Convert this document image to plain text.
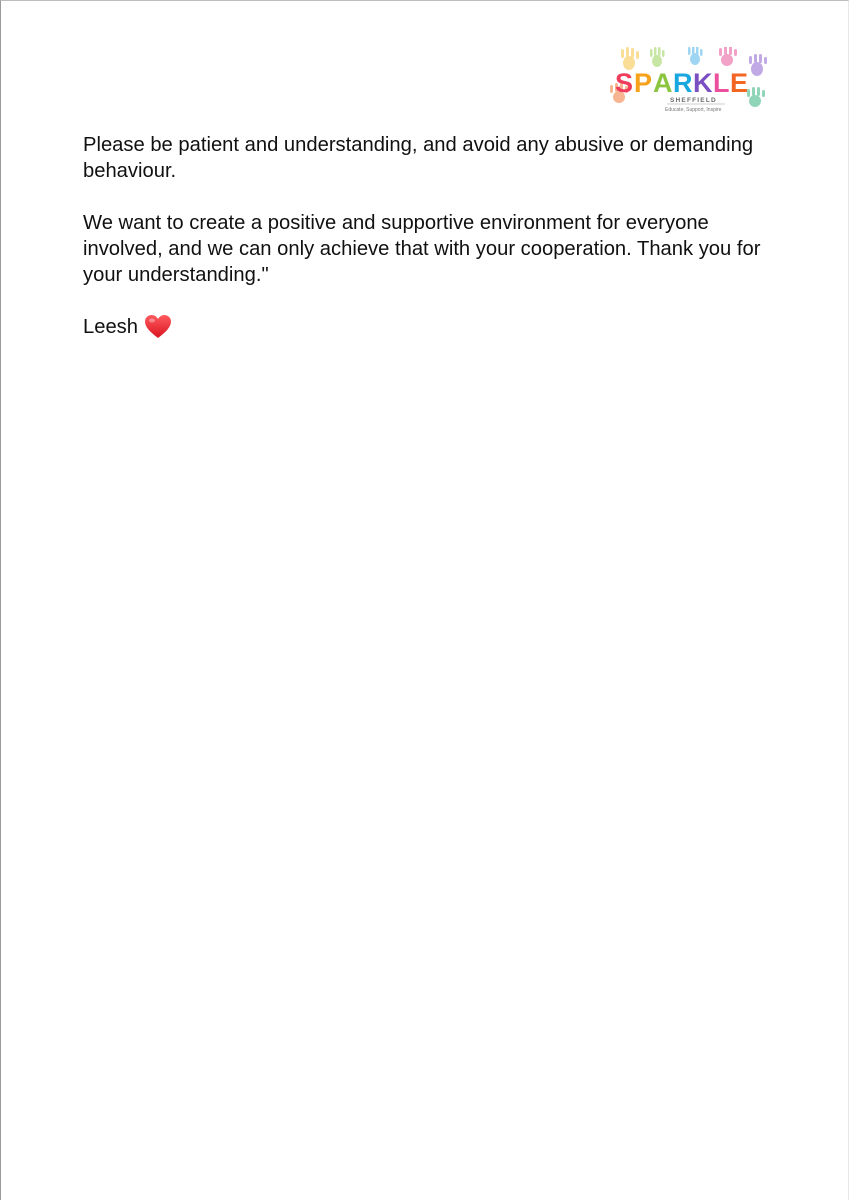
S P A R K L E
SHEFFIELD
Educate, Support, Inspire

Please be patient and understanding, and avoid any abusive or demanding behaviour.

We want to create a positive and supportive environment for everyone involved, and we can only achieve that with your cooperation. Thank you for your understanding."

Leesh
